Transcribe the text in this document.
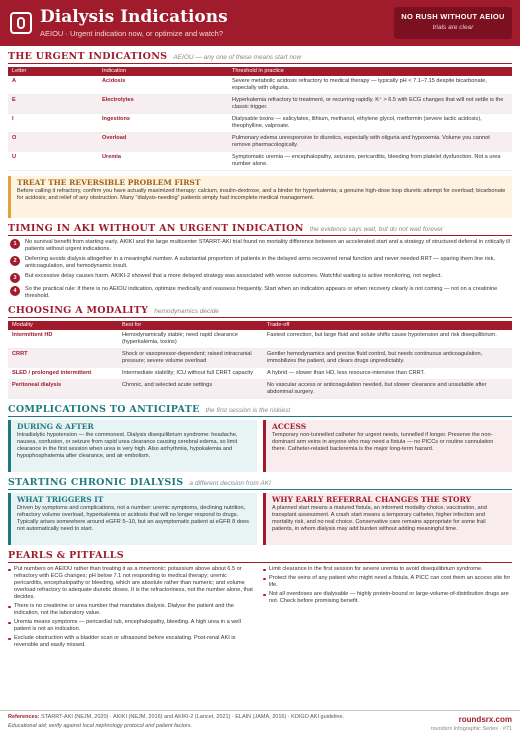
Dialysis Indications
AEIOU · Urgent indication now, or optimize and watch?
NO RUSH WITHOUT AEIOU
trials are clear
THE URGENT INDICATIONS AEIOU — any one of these means start now
Letter	Indication	Threshold in practice
A	Acidosis	Severe metabolic acidosis refractory to medical therapy — typically pH < 7.1–7.15 despite bicarbonate, especially with oliguria.
E	Electrolytes	Hyperkalemia refractory to treatment, or recurring rapidly. K⁺ > 6.5 with ECG changes that will not settle is the classic trigger.
I	Ingestions	Dialysable toxins — salicylates, lithium, methanol, ethylene glycol, metformin (severe lactic acidosis), theophylline, valproate.
O	Overload	Pulmonary edema unresponsive to diuretics, especially with oliguria and hypoxemia. Volume you cannot remove pharmacologically.
U	Uremia	Symptomatic uremia — encephalopathy, seizures, pericarditis, bleeding from platelet dysfunction. Not a urea number alone.
TREAT THE REVERSIBLE PROBLEM FIRST
Before calling it refractory, confirm you have actually maximized therapy: calcium, insulin-dextrose, and a binder for hyperkalemia; a genuine high-dose loop diuretic attempt for overload; bicarbonate for acidosis; and relief of any obstruction. Many "dialysis-needing" patients simply had incomplete medical management.
TIMING IN AKI WITHOUT AN URGENT INDICATION the evidence says wait, but do not wait forever
1	No survival benefit from starting early. AKIKI and the large multicenter STARRT-AKI trial found no mortality difference between an accelerated start and a strategy of structured deferral in critically ill patients without urgent indications.
2	Deferring avoids dialysis altogether in a meaningful number. A substantial proportion of patients in the delayed arms recovered renal function and never needed RRT — sparing them line risk, anticoagulation, and hemodynamic insult.
3	But excessive delay causes harm. AKIKI-2 showed that a more delayed strategy was associated with worse outcomes. Watchful waiting is active monitoring, not neglect.
4	So the practical rule: if there is no AEIOU indication, optimize medically and reassess frequently. Start when an indication appears or when recovery clearly is not coming — not on a creatinine threshold.
CHOOSING A MODALITY hemodynamics decide
Modality	Best for	Trade-off
Intermittent HD	Hemodynamically stable; need rapid clearance (hyperkalemia, toxins)	Fastest correction, but large fluid and solute shifts cause hypotension and risk disequilibrium.
CRRT	Shock or vasopressor-dependent; raised intracranial pressure; severe volume overload	Gentler hemodynamics and precise fluid control, but needs continuous anticoagulation, immobilizes the patient, and clears drugs unpredictably.
SLED / prolonged intermittent	Intermediate stability; ICU without full CRRT capacity	A hybrid — slower than HD, less resource-intensive than CRRT.
Peritoneal dialysis	Chronic, and selected acute settings	No vascular access or anticoagulation needed, but slower clearance and unsuitable after abdominal surgery.
COMPLICATIONS TO ANTICIPATE the first session is the riskiest
DURING & AFTER
Intradialytic hypotension — the commonest. Dialysis disequilibrium syndrome: headache, nausea, confusion, or seizure from rapid urea clearance causing cerebral edema, so limit clearance in the first session when urea is very high. Also arrhythmia, hypokalemia and hypophosphatemia after clearance, and air embolism.
ACCESS
Temporary non-tunnelled catheter for urgent needs, tunnelled if longer. Preserve the non-dominant arm veins in anyone who may need a fistula — no PICCs or routine cannulation there. Catheter-related bacteremia is the major long-term hazard.
STARTING CHRONIC DIALYSIS a different decision from AKI
WHAT TRIGGERS IT
Driven by symptoms and complications, not a number: uremic symptoms, declining nutrition, refractory volume overload, hyperkalemia or acidosis that will no longer respond to drugs. Typically arises somewhere around eGFR 5–10, but an asymptomatic patient at eGFR 8 does not automatically need to start.
WHY EARLY REFERRAL CHANGES THE STORY
A planned start means a matured fistula, an informed modality choice, vaccination, and transplant assessment. A crash start means a temporary catheter, higher infection and mortality risk, and no real choice. Conservative care remains appropriate for some frail patients, in whom dialysis may add burden without adding meaningful time.
PEARLS & PITFALLS
Put numbers on AEIOU rather than treating it as a mnemonic: potassium above about 6.5 or refractory with ECG changes; pH below 7.1 not responding to medical therapy; uremic pericarditis, encephalopathy or bleeding, which are absolute rather than numeric; and volume overload refractory to adequate diuretic doses. It is the refractoriness, not the number alone, that decides.
There is no creatinine or urea number that mandates dialysis. Dialyse the patient and the indication, not the laboratory value.
Uremia means symptoms — pericardial rub, encephalopathy, bleeding. A high urea in a well patient is not an indication.
Exclude obstruction with a bladder scan or ultrasound before escalating. Post-renal AKI is reversible and easily missed.
Limit clearance in the first session for severe uremia to avoid disequilibrium syndrome.
Protect the veins of any patient who might need a fistula. A PICC can cost them an access site for life.
Not all overdoses are dialysable — highly protein-bound or large-volume-of-distribution drugs are not. Check before promising benefit.
References: STARRT-AKI (NEJM, 2020) · AKIKI (NEJM, 2016) and AKIKI-2 (Lancet, 2021) · ELAIN (JAMA, 2016) · KDIGO AKI guideline.
Educational aid; verify against local nephrology protocol and patient factors.
roundsrx.com
roundsrx Infographic Series · #71
